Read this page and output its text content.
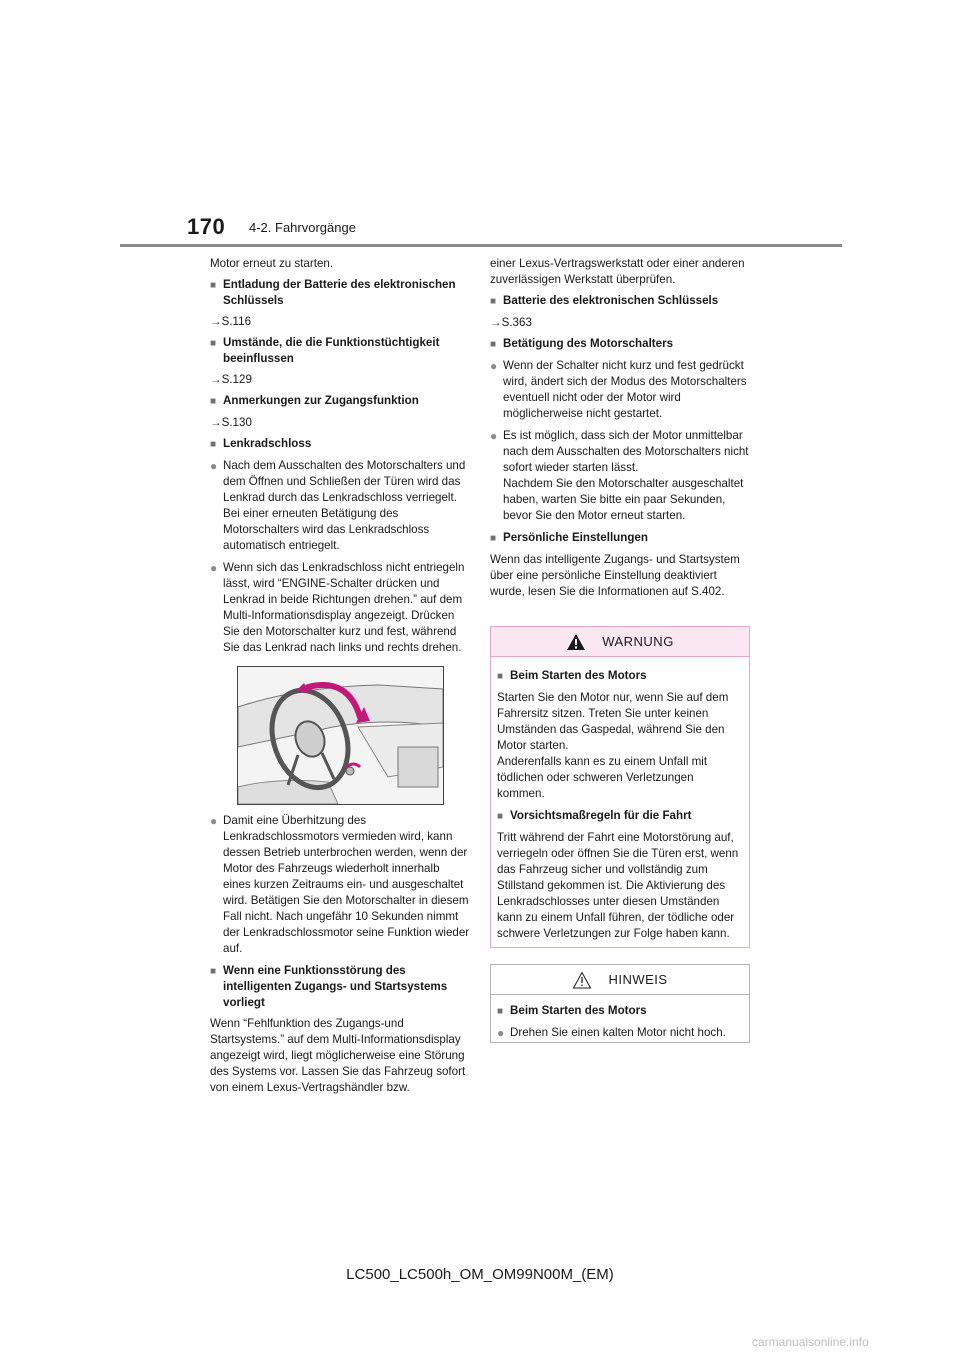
170 4-2. Fahrvorgänge

Motor erneut zu starten.

■ Entladung der Batterie des elektronischen Schlüssels

→S.116

■ Umstände, die die Funktionstüchtigkeit beeinflussen

→S.129

■ Anmerkungen zur Zugangsfunktion

→S.130

■ Lenkradschloss
● Nach dem Ausschalten des Motorschalters und dem Öffnen und Schließen der Türen wird das Lenkrad durch das Lenkradschloss verriegelt. Bei einer erneuten Betätigung des Motorschalters wird das Lenkradschloss automatisch entriegelt.
● Wenn sich das Lenkradschloss nicht entriegeln lässt, wird “ENGINE-Schalter drücken und Lenkrad in beide Richtungen drehen.” auf dem Multi-Informationsdisplay angezeigt. Drücken Sie den Motorschalter kurz und fest, während Sie das Lenkrad nach links und rechts drehen.
● Damit eine Überhitzung des Lenkradschlossmotors vermieden wird, kann dessen Betrieb unterbrochen werden, wenn der Motor des Fahrzeugs wiederholt innerhalb eines kurzen Zeitraums ein- und ausgeschaltet wird. Betätigen Sie den Motorschalter in diesem Fall nicht. Nach ungefähr 10 Sekunden nimmt der Lenkradschlossmotor seine Funktion wieder auf.
■ Wenn eine Funktionsstörung des intelligenten Zugangs- und Startsystems vorliegt

Wenn “Fehlfunktion des Zugangs-und Startsystems.” auf dem Multi-Informationsdisplay angezeigt wird, liegt möglicherweise eine Störung des Systems vor. Lassen Sie das Fahrzeug sofort von einem Lexus-Vertragshändler bzw.

einer Lexus-Vertragswerkstatt oder einer anderen zuverlässigen Werkstatt überprüfen.

■ Batterie des elektronischen Schlüssels

→S.363

■ Betätigung des Motorschalters
● Wenn der Schalter nicht kurz und fest gedrückt wird, ändert sich der Modus des Motorschalters eventuell nicht oder der Motor wird möglicherweise nicht gestartet.
● Es ist möglich, dass sich der Motor unmittelbar nach dem Ausschalten des Motorschalters nicht sofort wieder starten lässt.
Nachdem Sie den Motorschalter ausgeschaltet haben, warten Sie bitte ein paar Sekunden, bevor Sie den Motor erneut starten.
■ Persönliche Einstellungen

Wenn das intelligente Zugangs- und Startsystem über eine persönliche Einstellung deaktiviert wurde, lesen Sie die Informationen auf S.402.

WARNUNG
■ Beim Starten des Motors

Starten Sie den Motor nur, wenn Sie auf dem Fahrersitz sitzen. Treten Sie unter keinen Umständen das Gaspedal, während Sie den Motor starten.

Anderenfalls kann es zu einem Unfall mit tödlichen oder schweren Verletzungen kommen.

■ Vorsichtsmaßregeln für die Fahrt

Tritt während der Fahrt eine Motorstörung auf, verriegeln oder öffnen Sie die Türen erst, wenn das Fahrzeug sicher und vollständig zum Stillstand gekommen ist. Die Aktivierung des Lenkradschlosses unter diesen Umständen kann zu einem Unfall führen, der tödliche oder schwere Verletzungen zur Folge haben kann.

HINWEIS
■ Beim Starten des Motors
● Drehen Sie einen kalten Motor nicht hoch.
LC500_LC500h_OM_OM99N00M_(EM)
carmanualsonline.info
